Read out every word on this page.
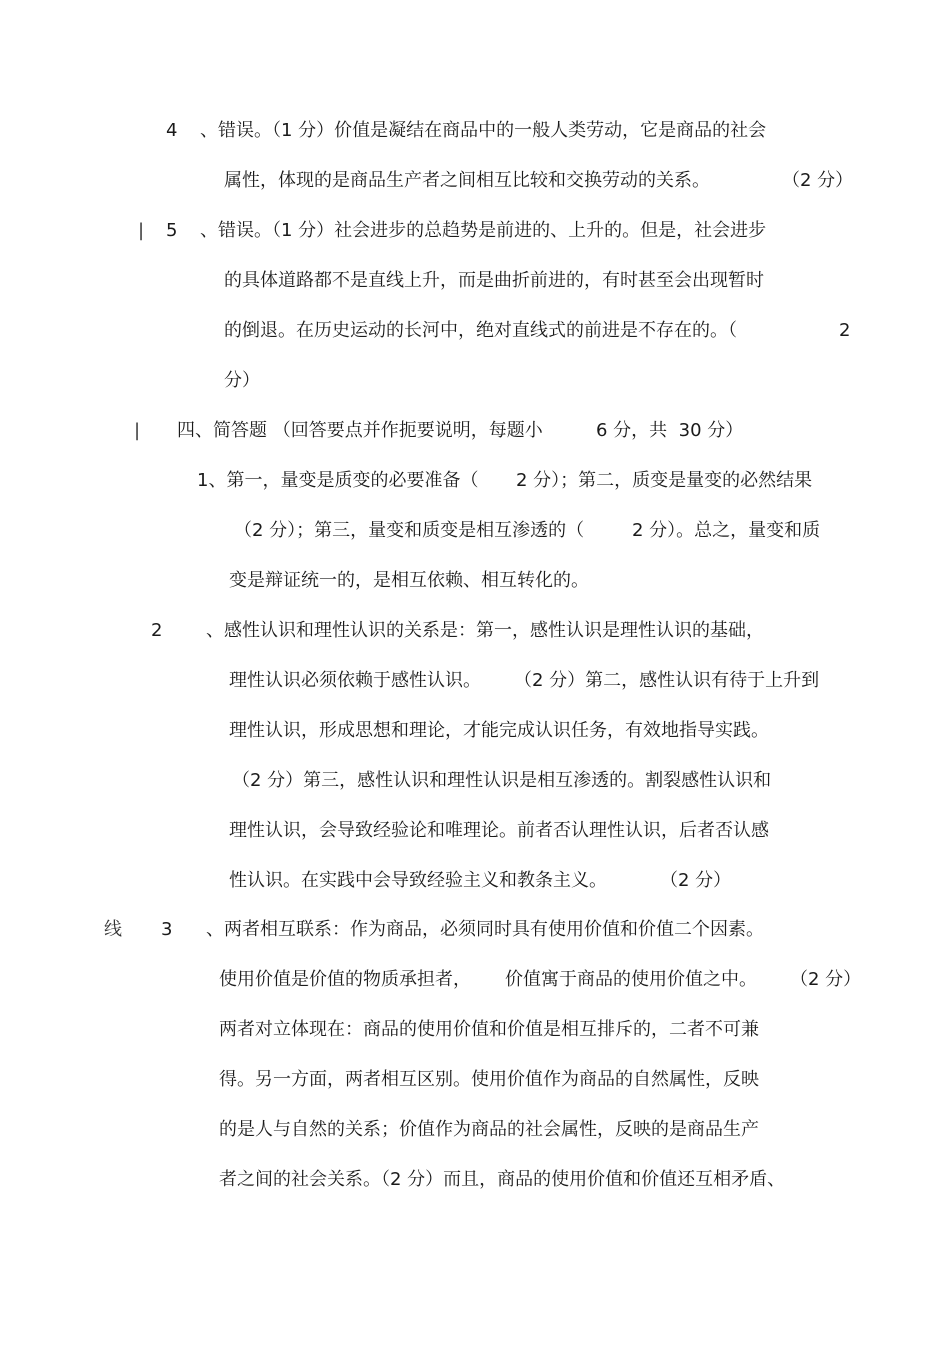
|
|
线
4 、错误。（1 分）价值是凝结在商品中的一般人类劳动，它是商品的社会
属性，体现的是商品生产者之间相互比较和交换劳动的关系。	（2 分）
5 、错误。（1 分）社会进步的总趋势是前进的、上升的。但是，社会进步
的具体道路都不是直线上升，而是曲折前进的，有时甚至会出现暂时
的倒退。在历史运动的长河中，绝对直线式的前进是不存在的。（	2
分）
四、简答题 （回答要点并作扼要说明，每题小	6 分，共  30 分）
1、第一，量变是质变的必要准备（ 2 分）；第二，质变是量变的必然结果
（2 分）；第三，量变和质变是相互渗透的（	2 分）。总之，量变和质
变是辩证统一的，是相互依赖、相互转化的。
2 、感性认识和理性认识的关系是：第一，感性认识是理性认识的基础，
理性认识必须依赖于感性认识。 （2 分）第二，感性认识有待于上升到
理性认识，形成思想和理论，才能完成认识任务，有效地指导实践。
（2 分）第三，感性认识和理性认识是相互渗透的。割裂感性认识和
理性认识，会导致经验论和唯理论。前者否认理性认识，后者否认感
性认识。在实践中会导致经验主义和教条主义。	（2 分）
3 、两者相互联系：作为商品，必须同时具有使用价值和价值二个因素。
使用价值是价值的物质承担者， 价值寓于商品的使用价值之中。 （2 分）
两者对立体现在：商品的使用价值和价值是相互排斥的，二者不可兼
得。另一方面，两者相互区别。使用价值作为商品的自然属性，反映
的是人与自然的关系；价值作为商品的社会属性，反映的是商品生产
者之间的社会关系。（2 分）而且，商品的使用价值和价值还互相矛盾、
